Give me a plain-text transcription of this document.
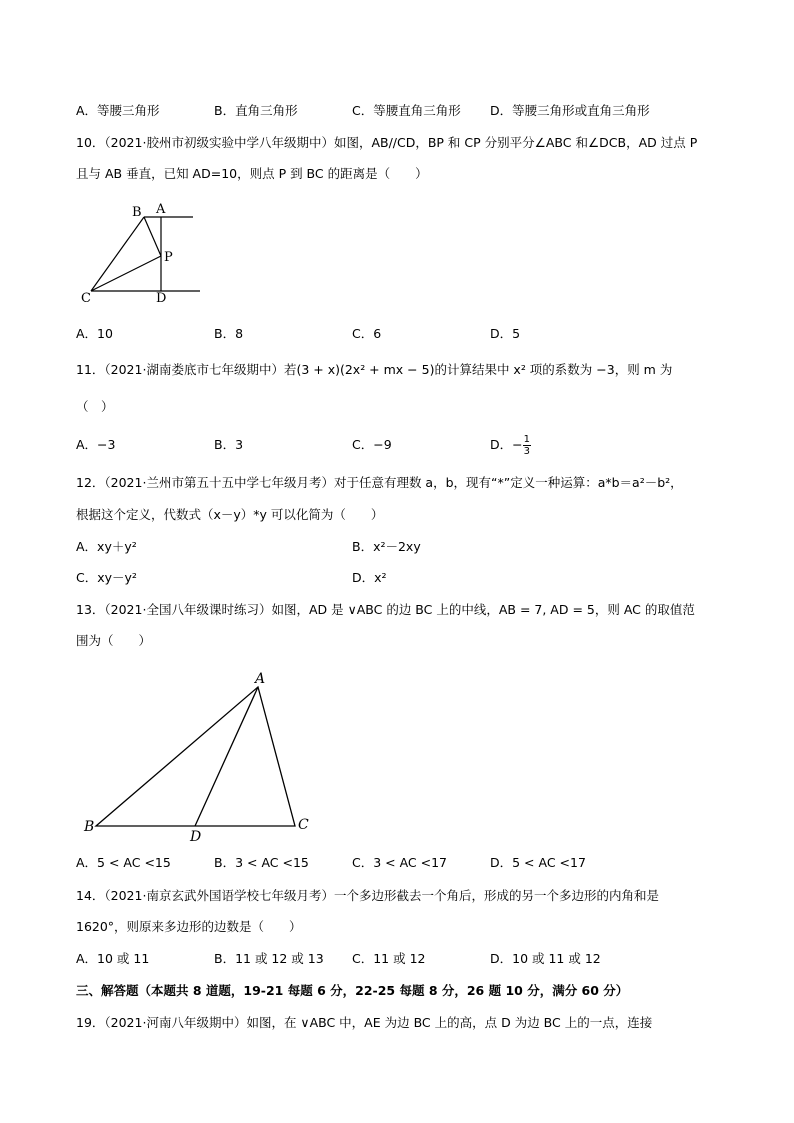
A．等腰三角形	B．直角三角形	C．等腰直角三角形 D．等腰三角形或直角三角形
10．（2021·胶州市初级实验中学八年级期中）如图，AB//CD，BP 和 CP 分别平分∠ABC 和∠DCB，AD 过点 P
且与 AB 垂直，已知 AD=10，则点 P 到 BC 的距离是（　　）
B A
P
C	D
A．10	B．8	C．6	D．5
11．（2021·湖南娄底市七年级期中）若(3 + x)(2x² + mx − 5)的计算结果中 x² 项的系数为 −3，则 m 为
（　）
A．−3	B．3	C．−9	D．− $\frac{1}{3}$
12．（2021·兰州市第五十五中学七年级月考）对于任意有理数 a，b，现有“*”定义一种运算：a*b＝a²－b²，
根据这个定义，代数式（x－y）*y 可以化简为（　　）
A．xy＋y²	B．x²－2xy
C．xy－y²	D．x²
13．（2021·全国八年级课时练习）如图，AD 是 ∨ABC 的边 BC 上的中线，AB = 7, AD = 5，则 AC 的取值范
围为（　　）
A
B
D
C
A．5 < AC <15	B．3 < AC <15	C．3 < AC <17	D．5 < AC <17
14．（2021·南京玄武外国语学校七年级月考）一个多边形截去一个角后，形成的另一个多边形的内角和是
1620°，则原来多边形的边数是（　　）
A．10 或 11	B．11 或 12 或 13 C．11 或 12	D．10 或 11 或 12
三、解答题（本题共 8 道题，19-21 每题 6 分，22-25 每题 8 分，26 题 10 分，满分 60 分）
19．（2021·河南八年级期中）如图，在 ∨ABC 中，AE 为边 BC 上的高，点 D 为边 BC 上的一点，连接
